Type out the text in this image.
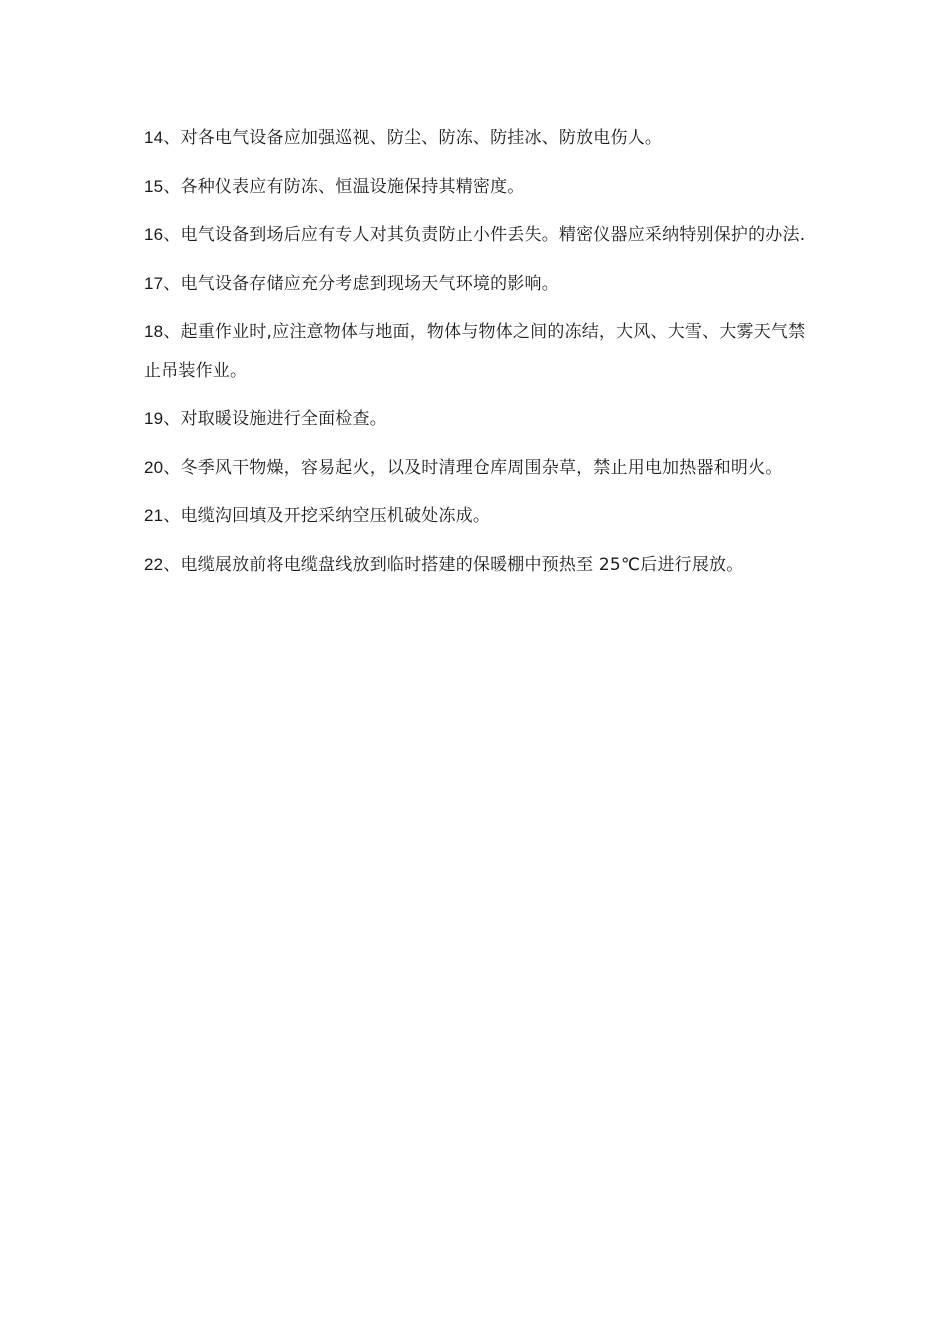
14、对各电气设备应加强巡视、防尘、防冻、防挂冰、防放电伤人。

15、各种仪表应有防冻、恒温设施保持其精密度。

16、电气设备到场后应有专人对其负责防止小件丢失。精密仪器应采纳特别保护的办法.

17、电气设备存储应充分考虑到现场天气环境的影响。

18、起重作业时,应注意物体与地面，物体与物体之间的冻结，大风、大雪、大雾天气禁止吊装作业。

19、对取暖设施进行全面检查。

20、冬季风干物燥，容易起火，以及时清理仓库周围杂草，禁止用电加热器和明火。

21、电缆沟回填及开挖采纳空压机破处冻成。

22、电缆展放前将电缆盘线放到临时搭建的保暖棚中预热至 25℃后进行展放。
